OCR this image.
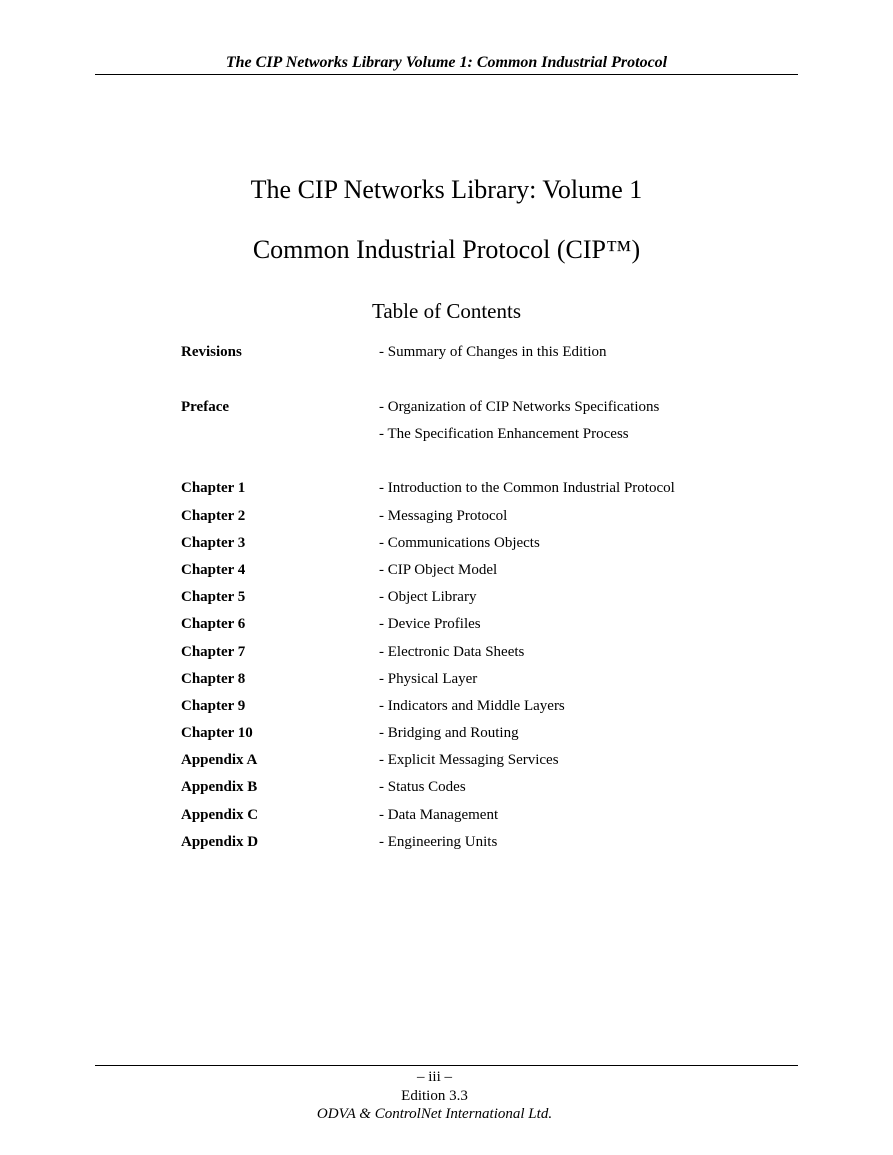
The CIP Networks Library Volume 1: Common Industrial Protocol
The CIP Networks Library: Volume 1
Common Industrial Protocol (CIP™)
Table of Contents
Revisions	- Summary of Changes in this Edition
Preface	- Organization of CIP Networks Specifications
- The Specification Enhancement Process
Chapter 1	- Introduction to the Common Industrial Protocol
Chapter 2	- Messaging Protocol
Chapter 3	- Communications Objects
Chapter 4	- CIP Object Model
Chapter 5	- Object Library
Chapter 6	- Device Profiles
Chapter 7	- Electronic Data Sheets
Chapter 8	- Physical Layer
Chapter 9	- Indicators and Middle Layers
Chapter 10	- Bridging and Routing
Appendix A	- Explicit Messaging Services
Appendix B	- Status Codes
Appendix C	- Data Management
Appendix D	- Engineering Units
– iii –
Edition 3.3
ODVA & ControlNet International Ltd.
